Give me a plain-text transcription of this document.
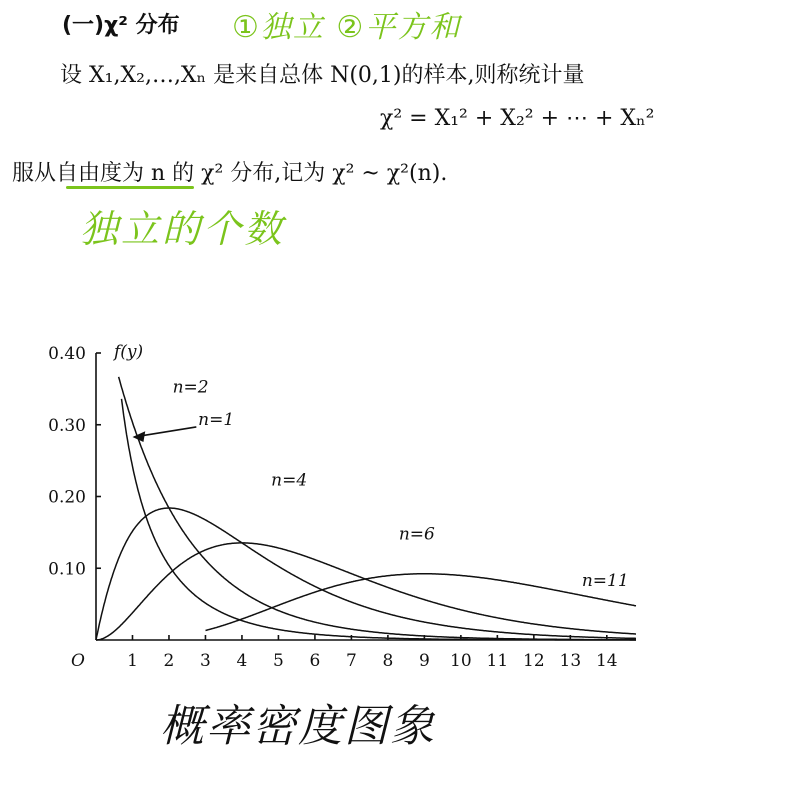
(一)χ² 分布 ①独立 ②平方和
设 X₁,X₂,…,Xₙ 是来自总体 N(0,1)的样本,则称统计量
χ² = X₁² + X₂² + ⋯ + Xₙ²
服从自由度为 n 的 χ² 分布,记为 χ² ~ χ²(n).
独立的个数
1 2 3 4 5 6 7 8 9 10 11 12 13 14
O
0.10
0.20
0.30
0.40 f(y)
n=1
n=2
n=4
n=6
n=11
概率密度图象
